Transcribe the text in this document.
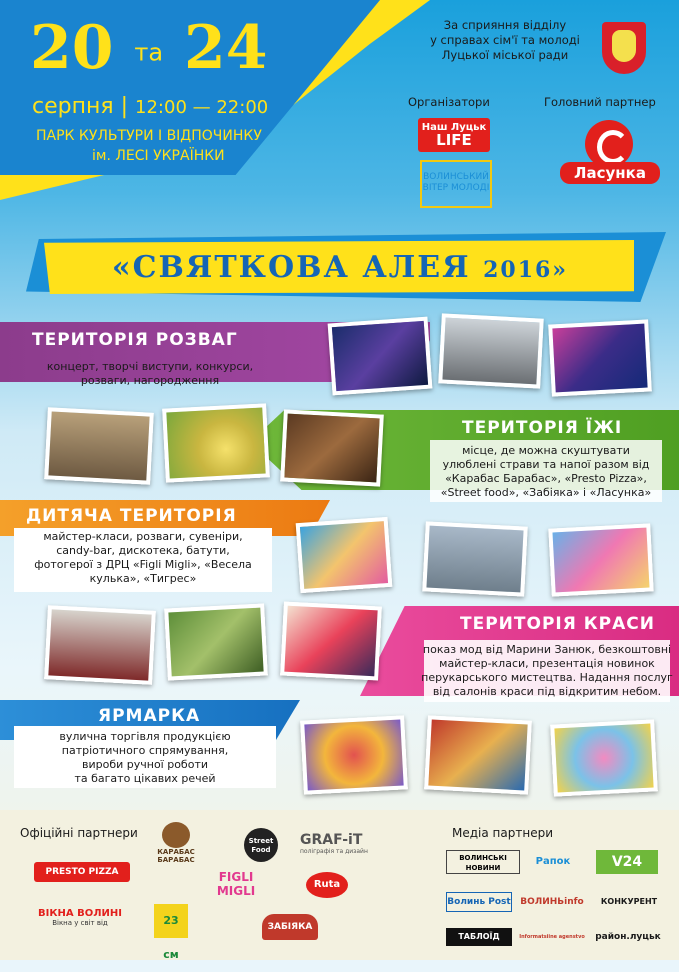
20 та 24
серпня | 12:00 — 22:00
ПАРК КУЛЬТУРИ І ВІДПОЧИНКУ
ім. ЛЕСІ УКРАЇНКИ
За сприяння відділу
у справах сім'ї та молоді
Луцької міської ради
Організатори	Головний партнер
Наш Луцьк
LIFE
ВОЛИНСЬКИЙ ВІТЕР МОЛОДІ
Ласунка
«СВЯТКОВА АЛЕЯ 2016»
ТЕРИТОРІЯ РОЗВАГ
концерт, творчі виступи, конкурси,
розваги, нагородження
ТЕРИТОРІЯ ЇЖІ
місце, де можна скуштувати
улюблені страви та напої разом від
«Карабас Барабас», «Presto Pizza»,
«Street food», «Забіяка» і «Ласунка»
ДИТЯЧА ТЕРИТОРІЯ
майстер-класи, розваги, сувеніри,
candy-bar, дискотека, батути,
фотогерої з ДРЦ «Figli Migli», «Весела
кулька», «Тигрес»
ТЕРИТОРІЯ КРАСИ
показ мод від Марини Занюк, безкоштовні
майстер-класи, презентація новинок
перукарського мистецтва. Надання послуг
від салонів краси під відкритим небом.
ЯРМАРКА
вулична торгівля продукцією
патріотичного спрямування,
вироби ручної роботи
та багато цікавих речей
Офіційні партнери	Медіа партнери
PRESTO PIZZA
КАРАБАС БАРАБАС
Street Food
GRAF-iT
поліграфія та дизайн
ВІКНА ВОЛИНІ
Вікна у світ від	23 см
FIGLI MIGLI	Ruta
ЗАБІЯКА
ВОЛИНСЬКІ НОВИНИ
Рапок	V24
Волинь Post ВОЛИНЬinfo	КОНКУРЕНТ
ТАБЛОЇД	Informatsiine agenstvo район.луцьк
